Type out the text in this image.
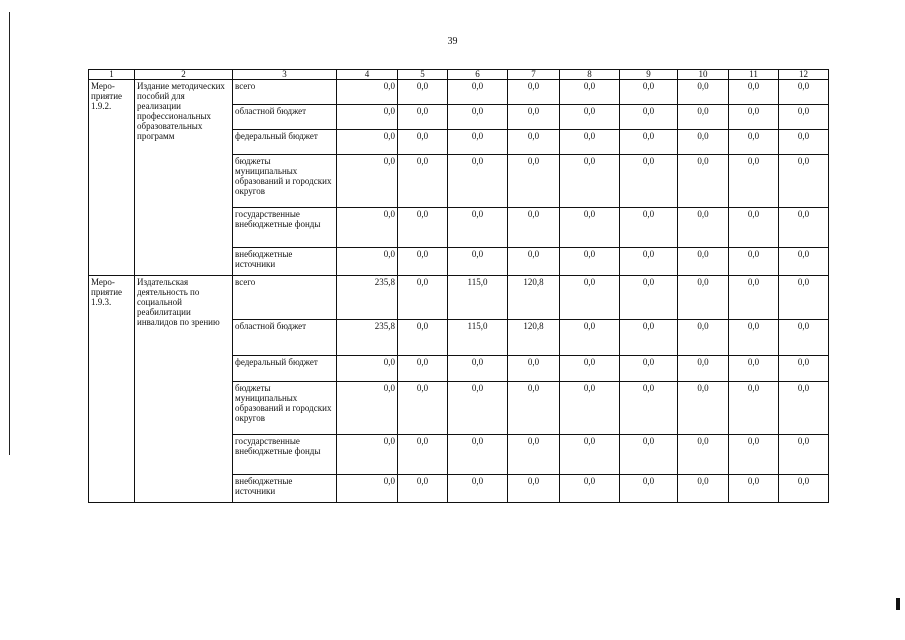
39
1	2	3	4	5	6	7	8	9	10	11	12

Меро-
приятие
1.9.2.	Издание методических пособий для реализации профессиональных образовательных программ	всего	0,0	0,0	0,0	0,0	0,0	0,0	0,0	0,0	0,0
		областной бюджет	0,0	0,0	0,0	0,0	0,0	0,0	0,0	0,0	0,0
		федеральный бюджет	0,0	0,0	0,0	0,0	0,0	0,0	0,0	0,0	0,0
		бюджеты муниципальных образований и городских округов	0,0	0,0	0,0	0,0	0,0	0,0	0,0	0,0	0,0
		государственные внебюджетные фонды	0,0	0,0	0,0	0,0	0,0	0,0	0,0	0,0	0,0
		внебюджетные источники	0,0	0,0	0,0	0,0	0,0	0,0	0,0	0,0	0,0

Меро-
приятие
1.9.3.	Издательская деятельность по социальной реабилитации инвалидов по зрению	всего	235,8	0,0	115,0	120,8	0,0	0,0	0,0	0,0	0,0
		областной бюджет	235,8	0,0	115,0	120,8	0,0	0,0	0,0	0,0	0,0
		федеральный бюджет	0,0	0,0	0,0	0,0	0,0	0,0	0,0	0,0	0,0
		бюджеты муниципальных образований и городских округов	0,0	0,0	0,0	0,0	0,0	0,0	0,0	0,0	0,0
		государственные внебюджетные фонды	0,0	0,0	0,0	0,0	0,0	0,0	0,0	0,0	0,0
		внебюджетные источники	0,0	0,0	0,0	0,0	0,0	0,0	0,0	0,0	0,0
